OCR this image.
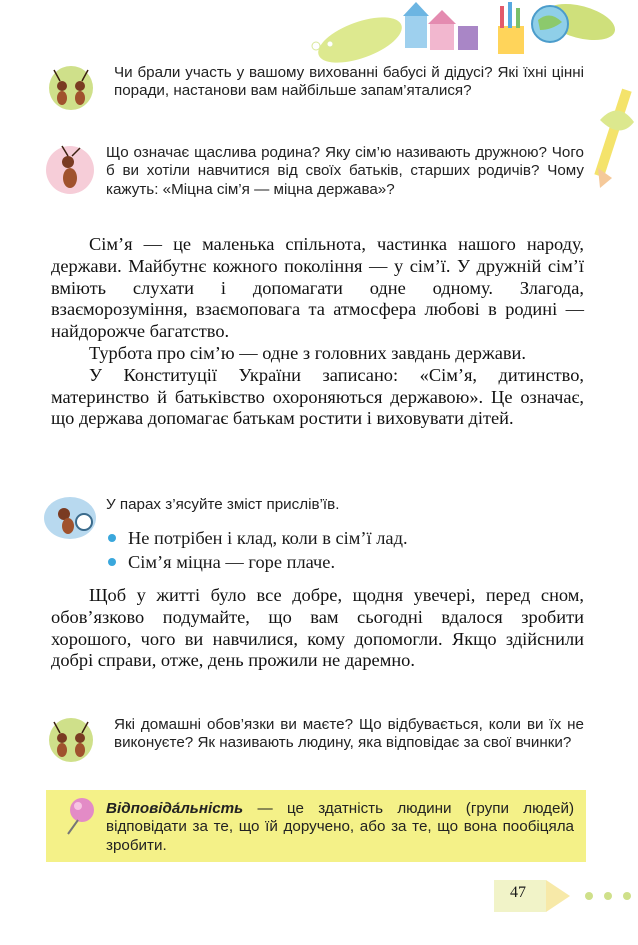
Чи брали участь у вашому вихованні бабусі й дідусі? Які їхні цінні поради, настанови вам найбільше запам’яталися?
Що означає щаслива родина? Яку сім’ю називають дружною? Чого б ви хотіли навчитися від своїх батьків, старших родичів? Чому кажуть: «Міцна сім’я — міцна держава»?

Сім’я — це маленька спільнота, частинка нашого народу, держави. Майбутнє кожного покоління — у сім’ї. У дружній сім’ї вміють слухати і допомагати одне одному. Злагода, взаєморозуміння, взаємоповага та атмосфера любові в родині — найдорожче багатство.

Турбота про сім’ю — одне з головних завдань держави.

У Конституції України записано: «Сім’я, дитинство, материнство й батьківство охороняються державою». Це означає, що держава допомагає батькам ростити і виховувати дітей.

У парах з’ясуйте зміст прислів’їв.
Не потрібен і клад, коли в сім’ї лад.
Сім’я міцна — горе плаче.

Щоб у житті було все добре, щодня увечері, перед сном, обов’язково подумайте, що вам сьогодні вдалося зробити хорошого, чого ви навчилися, кому допомогли. Якщо здійснили добрі справи, отже, день прожили не даремно.

Які домашні обов’язки ви маєте? Що відбувається, коли ви їх не виконуєте? Як називають людину, яка відповідає за свої вчинки?
Відповіда́льність — це здатність людини (групи людей) відповідати за те, що їй доручено, або за те, що вона пообіцяла зробити.
47
